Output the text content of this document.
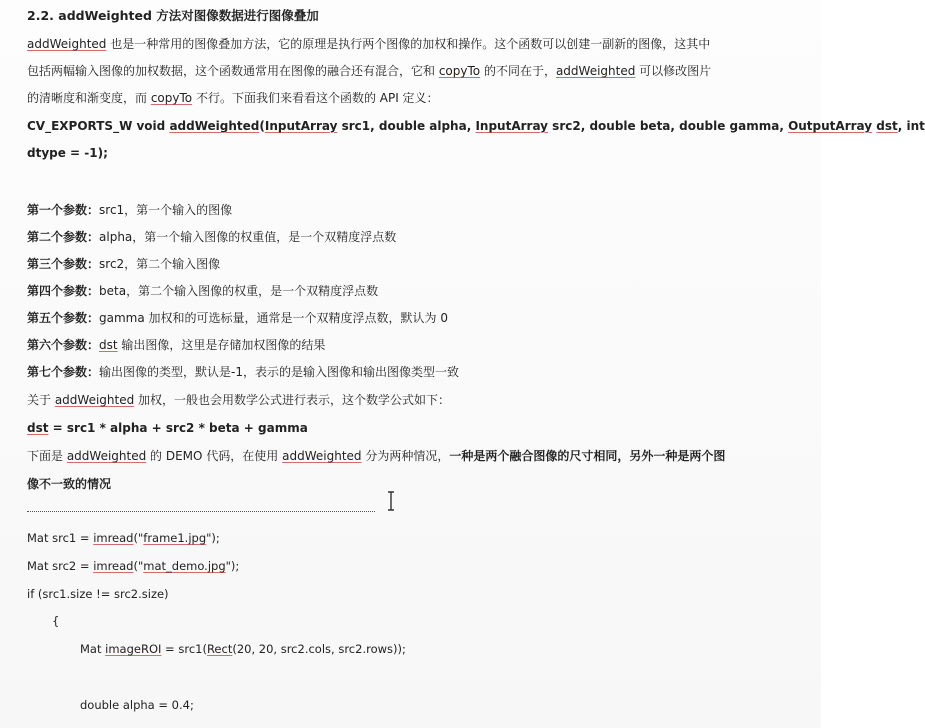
2.2. addWeighted 方法对图像数据进行图像叠加
addWeighted 也是一种常用的图像叠加方法，它的原理是执行两个图像的加权和操作。这个函数可以创建一副新的图像，这其中
包括两幅输入图像的加权数据，这个函数通常用在图像的融合还有混合，它和 copyTo 的不同在于，addWeighted 可以修改图片
的清晰度和渐变度，而 copyTo 不行。下面我们来看看这个函数的 API 定义：
CV_EXPORTS_W void addWeighted(InputArray src1, double alpha, InputArray src2, double beta, double gamma, OutputArray dst, int
dtype = -1);
第一个参数：src1，第一个输入的图像
第二个参数：alpha，第一个输入图像的权重值，是一个双精度浮点数
第三个参数：src2，第二个输入图像
第四个参数：beta，第二个输入图像的权重，是一个双精度浮点数
第五个参数：gamma 加权和的可选标量，通常是一个双精度浮点数，默认为 0
第六个参数：dst 输出图像，这里是存储加权图像的结果
第七个参数：输出图像的类型，默认是-1，表示的是输入图像和输出图像类型一致
关于 addWeighted 加权，一般也会用数学公式进行表示，这个数学公式如下：
dst = src1 * alpha + src2 * beta + gamma
下面是 addWeighted 的 DEMO 代码，在使用 addWeighted 分为两种情况，一种是两个融合图像的尺寸相同，另外一种是两个图
像不一致的情况
Mat src1 = imread("frame1.jpg");
Mat src2 = imread("mat_demo.jpg");
if (src1.size != src2.size)
{
Mat imageROI = src1(Rect(20, 20, src2.cols, src2.rows));
double alpha = 0.4;
